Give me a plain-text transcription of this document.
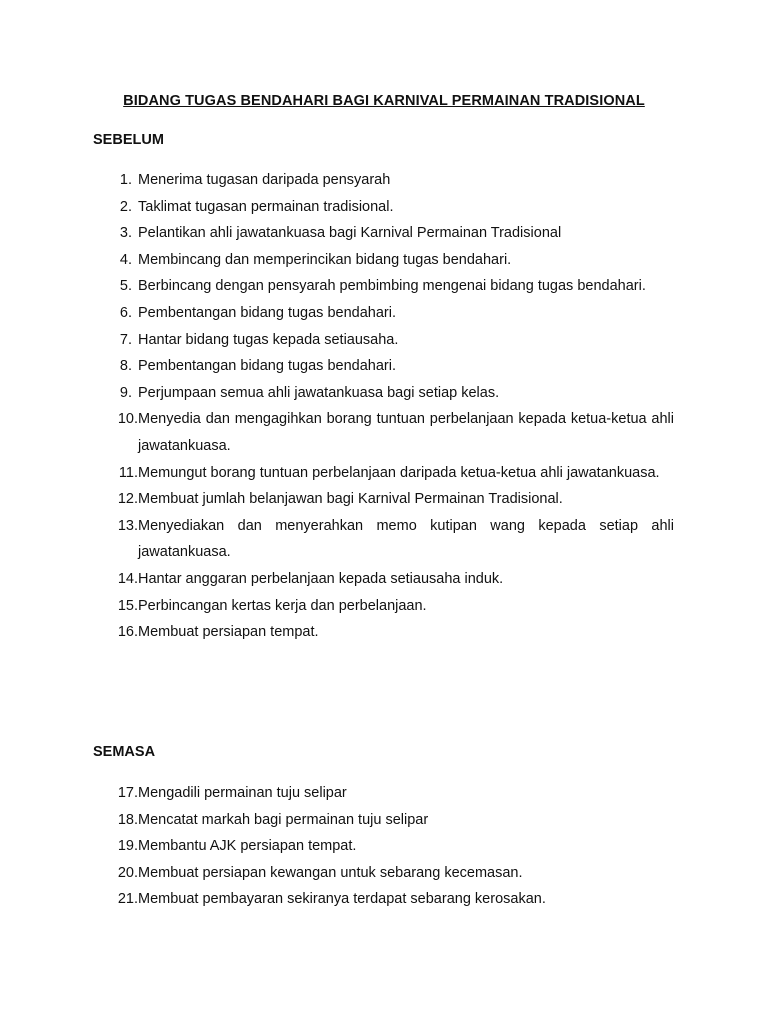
BIDANG TUGAS BENDAHARI BAGI KARNIVAL PERMAINAN TRADISIONAL
SEBELUM
1. Menerima tugasan daripada pensyarah
2. Taklimat tugasan permainan tradisional.
3. Pelantikan ahli jawatankuasa bagi Karnival Permainan Tradisional
4. Membincang dan memperincikan bidang tugas bendahari.
5. Berbincang dengan pensyarah pembimbing mengenai bidang tugas bendahari.
6. Pembentangan bidang tugas bendahari.
7. Hantar bidang tugas kepada setiausaha.
8. Pembentangan bidang tugas bendahari.
9. Perjumpaan semua ahli jawatankuasa bagi setiap kelas.
10. Menyedia dan mengagihkan borang tuntuan perbelanjaan kepada ketua-ketua ahli jawatankuasa.
11. Memungut borang tuntuan perbelanjaan daripada ketua-ketua ahli jawatankuasa.
12. Membuat jumlah belanjawan bagi Karnival Permainan Tradisional.
13. Menyediakan dan menyerahkan memo kutipan wang kepada setiap ahli jawatankuasa.
14. Hantar anggaran perbelanjaan kepada setiausaha induk.
15. Perbincangan kertas kerja dan perbelanjaan.
16. Membuat persiapan tempat.
SEMASA
17. Mengadili permainan tuju selipar
18. Mencatat markah bagi permainan tuju selipar
19. Membantu AJK persiapan tempat.
20. Membuat persiapan kewangan untuk sebarang kecemasan.
21. Membuat pembayaran sekiranya terdapat sebarang kerosakan.
